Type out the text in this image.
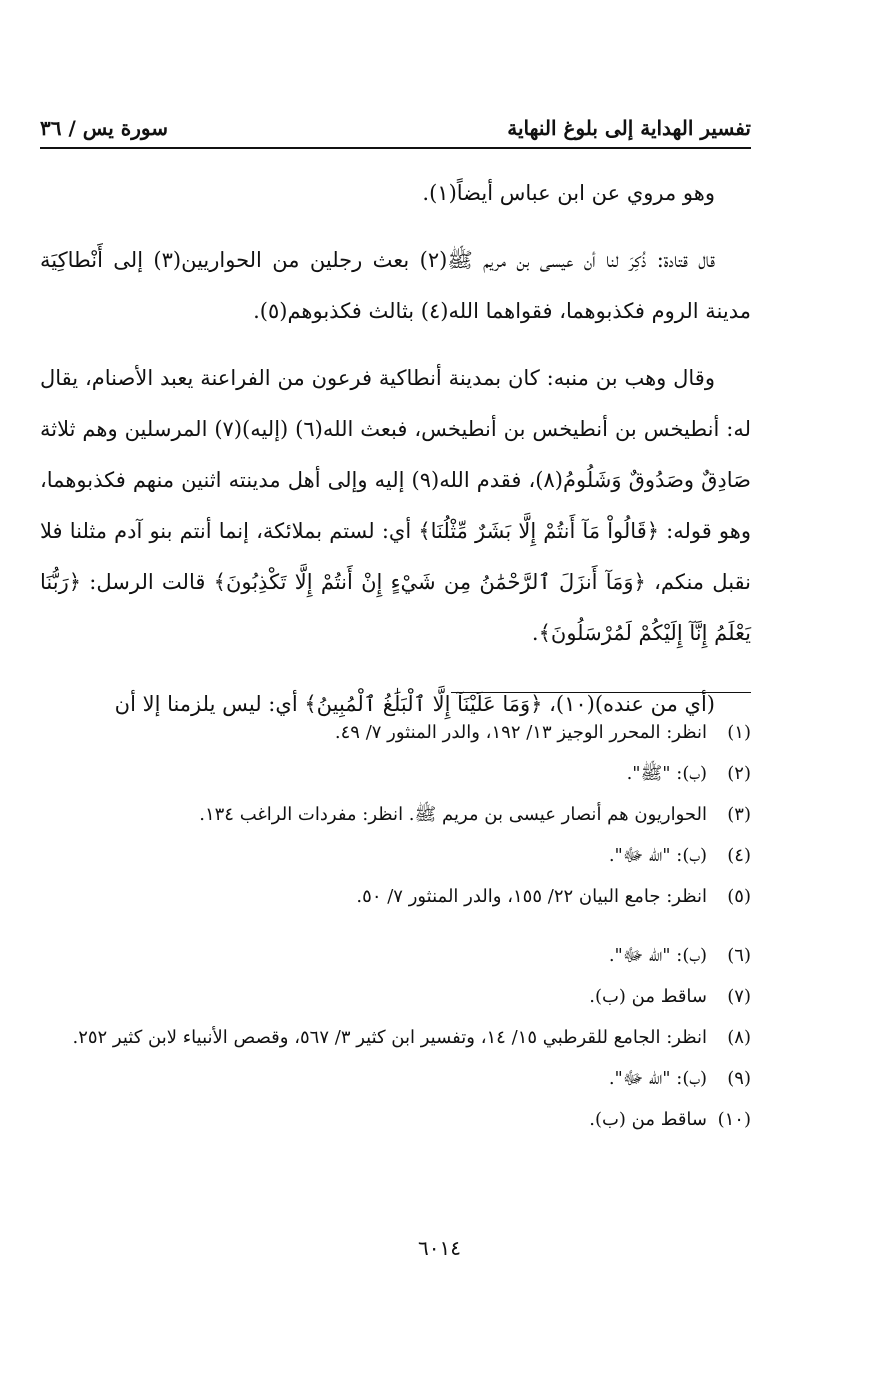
تفسير الهداية إلى بلوغ النهاية
سورة يس / ٣٦

وهو مروي عن ابن عباس أيضاً(١).

قال قتادة: ذُكِرَ لنا أن عيسى بن مريم ﷺ(٢) بعث رجلين من الحواريين(٣) إلى أَنْطاكِيَة مدينة الروم فكذبوهما، فقواهما الله(٤) بثالث فكذبوهم(٥).

وقال وهب بن منبه: كان بمدينة أنطاكية فرعون من الفراعنة يعبد الأصنام، يقال له: أنطيخس بن أنطيخس بن أنطيخس، فبعث الله(٦) (إليه)(٧) المرسلين وهم ثلاثة صَادِقٌ وصَدُوقٌ وَشَلُومُ(٨)، فقدم الله(٩) إليه وإلى أهل مدينته اثنين منهم فكذبوهما، وهو قوله: ﴿قَالُواْ مَآ أَنتُمْ إِلَّا بَشَرٌ مِّثْلُنَا﴾ أي: لستم بملائكة، إنما أنتم بنو آدم مثلنا فلا نقبل منكم، ﴿وَمَآ أَنزَلَ ٱلرَّحْمَٰنُ مِن شَيْءٍ إِنْ أَنتُمْ إِلَّا تَكْذِبُونَ﴾ قالت الرسل: ﴿رَبُّنَا يَعْلَمُ إِنَّآ إِلَيْكُمْ لَمُرْسَلُونَ﴾.

(أي من عنده)(١٠)، ﴿وَمَا عَلَيْنَآ إِلَّا ٱلْبَلَٰغُ ٱلْمُبِينُ﴾ أي: ليس يلزمنا إلا أن

(١)
انظر: المحرر الوجيز ١٣/ ١٩٢، والدر المنثور ٧/ ٤٩.
(٢)
(ب): "ﷺ".
(٣)
الحواريون هم أنصار عيسى بن مريم ﷺ. انظر: مفردات الراغب ١٣٤.
(٤)
(ب): "الله ﷻ".
(٥)
انظر: جامع البيان ٢٢/ ١٥٥، والدر المنثور ٧/ ٥٠.
(٦)
(ب): "الله ﷻ".
(٧)
ساقط من (ب).
(٨)
انظر: الجامع للقرطبي ١٥/ ١٤، وتفسير ابن كثير ٣/ ٥٦٧، وقصص الأنبياء لابن كثير ٢٥٢.
(٩)
(ب): "الله ﷻ".
(١٠)
ساقط من (ب).
٦٠١٤
